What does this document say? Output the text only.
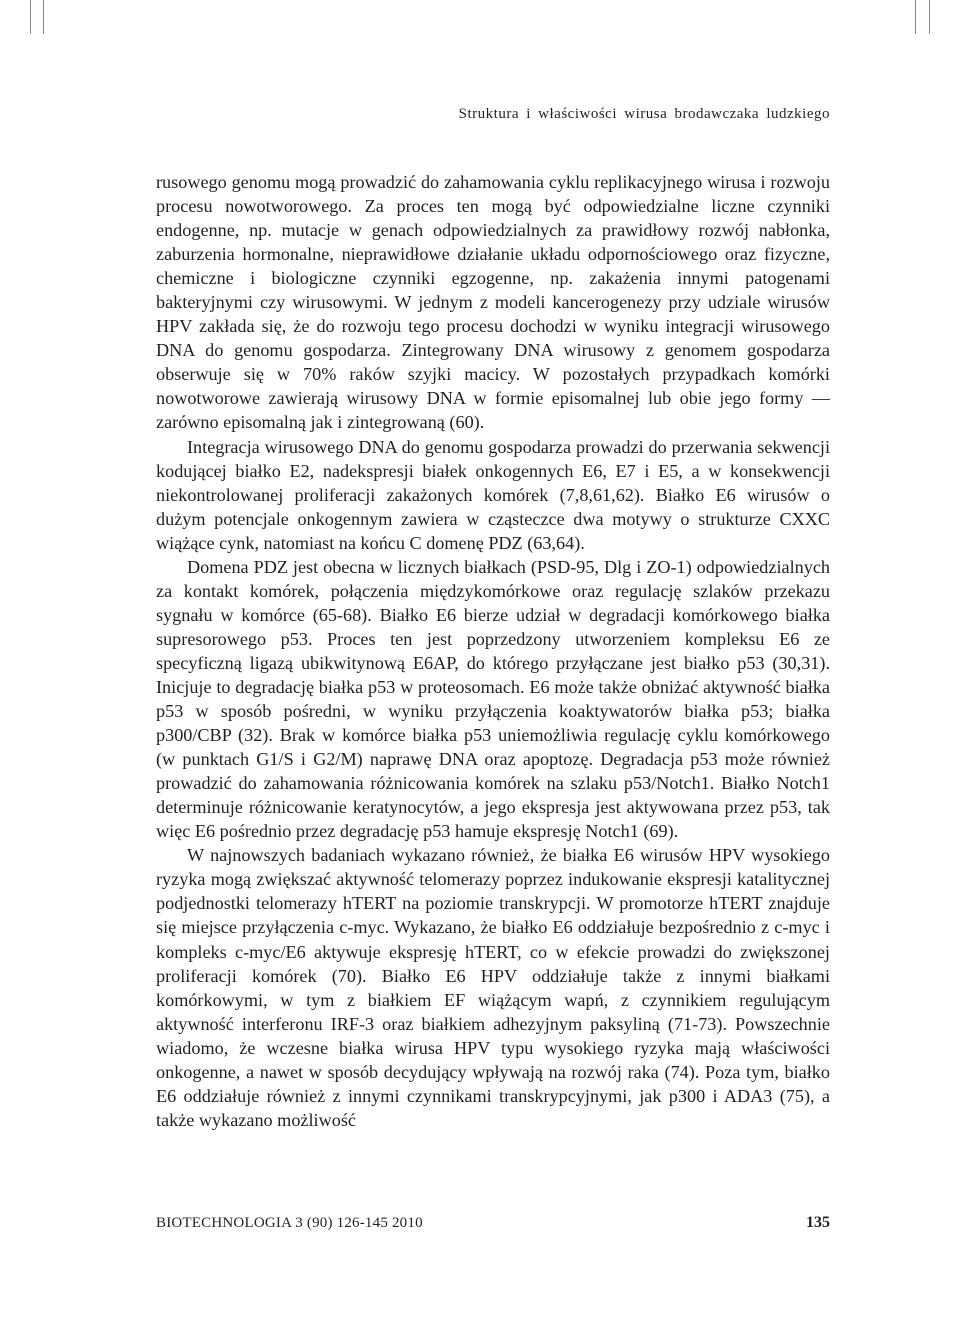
Struktura i właściwości wirusa brodawczaka ludzkiego

rusowego genomu mogą prowadzić do zahamowania cyklu replikacyjnego wirusa i rozwoju procesu nowotworowego. Za proces ten mogą być odpowiedzialne liczne czynniki endogenne, np. mutacje w genach odpowiedzialnych za prawidłowy rozwój nabłonka, zaburzenia hormonalne, nieprawidłowe działanie układu odpornościowego oraz fizyczne, chemiczne i biologiczne czynniki egzogenne, np. zakażenia innymi patogenami bakteryjnymi czy wirusowymi. W jednym z modeli kancerogenezy przy udziale wirusów HPV zakłada się, że do rozwoju tego procesu dochodzi w wyniku integracji wirusowego DNA do genomu gospodarza. Zintegrowany DNA wirusowy z genomem gospodarza obserwuje się w 70% raków szyjki macicy. W pozostałych przypadkach komórki nowotworowe zawierają wirusowy DNA w formie episomalnej lub obie jego formy — zarówno episomalną jak i zintegrowaną (60).

Integracja wirusowego DNA do genomu gospodarza prowadzi do przerwania sekwencji kodującej białko E2, nadekspresji białek onkogennych E6, E7 i E5, a w konsekwencji niekontrolowanej proliferacji zakażonych komórek (7,8,61,62). Białko E6 wirusów o dużym potencjale onkogennym zawiera w cząsteczce dwa motywy o strukturze CXXC wiążące cynk, natomiast na końcu C domenę PDZ (63,64).

Domena PDZ jest obecna w licznych białkach (PSD-95, Dlg i ZO-1) odpowiedzialnych za kontakt komórek, połączenia międzykomórkowe oraz regulację szlaków przekazu sygnału w komórce (65-68). Białko E6 bierze udział w degradacji komórkowego białka supresorowego p53. Proces ten jest poprzedzony utworzeniem kompleksu E6 ze specyficzną ligazą ubikwitynową E6AP, do którego przyłączane jest białko p53 (30,31). Inicjuje to degradację białka p53 w proteosomach. E6 może także obniżać aktywność białka p53 w sposób pośredni, w wyniku przyłączenia koaktywatorów białka p53; białka p300/CBP (32). Brak w komórce białka p53 uniemożliwia regulację cyklu komórkowego (w punktach G1/S i G2/M) naprawę DNA oraz apoptozę. Degradacja p53 może również prowadzić do zahamowania różnicowania komórek na szlaku p53/Notch1. Białko Notch1 determinuje różnicowanie keratynocytów, a jego ekspresja jest aktywowana przez p53, tak więc E6 pośrednio przez degradację p53 hamuje ekspresję Notch1 (69).

W najnowszych badaniach wykazano również, że białka E6 wirusów HPV wysokiego ryzyka mogą zwiększać aktywność telomerazy poprzez indukowanie ekspresji katalitycznej podjednostki telomerazy hTERT na poziomie transkrypcji. W promotorze hTERT znajduje się miejsce przyłączenia c-myc. Wykazano, że białko E6 oddziałuje bezpośrednio z c-myc i kompleks c-myc/E6 aktywuje ekspresję hTERT, co w efekcie prowadzi do zwiększonej proliferacji komórek (70). Białko E6 HPV oddziałuje także z innymi białkami komórkowymi, w tym z białkiem EF wiążącym wapń, z czynnikiem regulującym aktywność interferonu IRF-3 oraz białkiem adhezyjnym paksyliną (71-73). Powszechnie wiadomo, że wczesne białka wirusa HPV typu wysokiego ryzyka mają właściwości onkogenne, a nawet w sposób decydujący wpływają na rozwój raka (74). Poza tym, białko E6 oddziałuje również z innymi czynnikami transkrypcyjnymi, jak p300 i ADA3 (75), a także wykazano możliwość

BIOTECHNOLOGIA 3 (90) 126-145 2010	135
